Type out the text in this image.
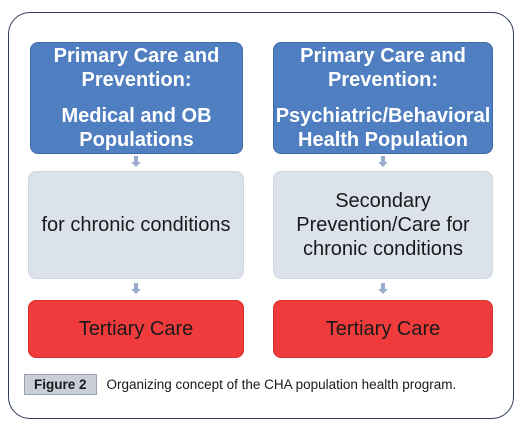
Primary Care and Prevention:
Medical and OB Populations
for chronic conditions
Tertiary Care
Primary Care and Prevention:
Psychiatric/Behavioral Health Population
Secondary Prevention/Care for chronic conditions
Tertiary Care
Figure 2	Organizing concept of the CHA population health program.
